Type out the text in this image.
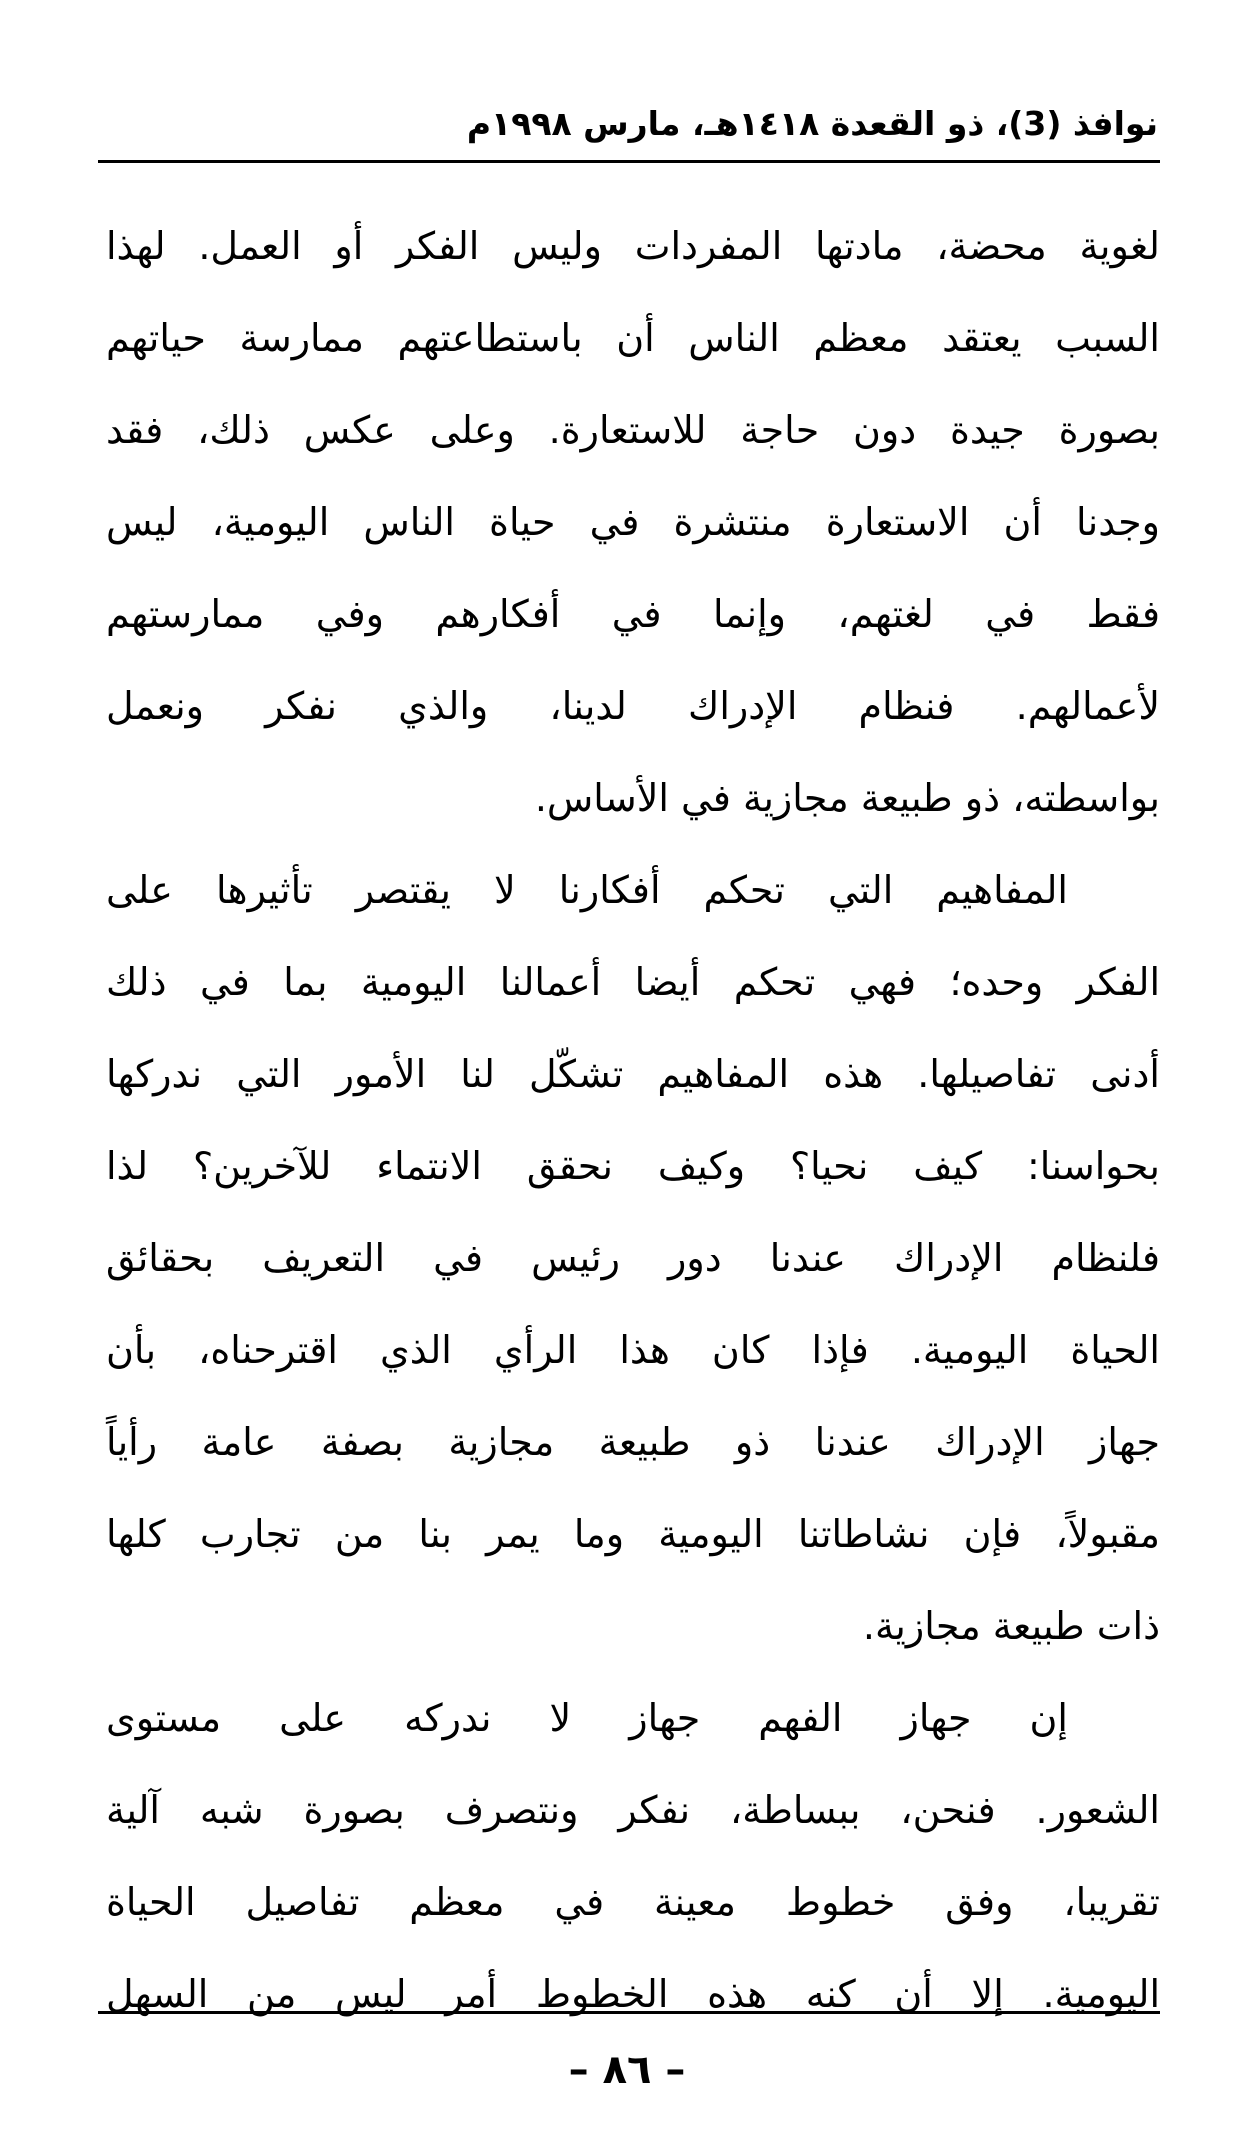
نوافذ (3)، ذو القعدة ١٤١٨هـ، مارس ١٩٩٨م

لغوية محضة، مادتها المفردات وليس الفكر أو العمل. لهذا
السبب يعتقد معظم الناس أن باستطاعتهم ممارسة حياتهم
بصورة جيدة دون حاجة للاستعارة. وعلى عكس ذلك، فقد
وجدنا أن الاستعارة منتشرة في حياة الناس اليومية، ليس
فقط في لغتهم، وإنما في أفكارهم وفي ممارستهم
لأعمالهم. فنظام الإدراك لدينا، والذي نفكر ونعمل
بواسطته، ذو طبيعة مجازية في الأساس.

المفاهيم التي تحكم أفكارنا لا يقتصر تأثيرها على
الفكر وحده؛ فهي تحكم أيضا أعمالنا اليومية بما في ذلك
أدنى تفاصيلها. هذه المفاهيم تشكّل لنا الأمور التي ندركها
بحواسنا: كيف نحيا؟ وكيف نحقق الانتماء للآخرين؟ لذا
فلنظام الإدراك عندنا دور رئيس في التعريف بحقائق
الحياة اليومية. فإذا كان هذا الرأي الذي اقترحناه، بأن
جهاز الإدراك عندنا ذو طبيعة مجازية بصفة عامة رأياً
مقبولاً، فإن نشاطاتنا اليومية وما يمر بنا من تجارب كلها
ذات طبيعة مجازية.

إن جهاز الفهم جهاز لا ندركه على مستوى
الشعور. فنحن، ببساطة، نفكر ونتصرف بصورة شبه آلية
تقريبا، وفق خطوط معينة في معظم تفاصيل الحياة
اليومية. إلا أن كنه هذه الخطوط أمر ليس من السهل

– ٨٦ –
